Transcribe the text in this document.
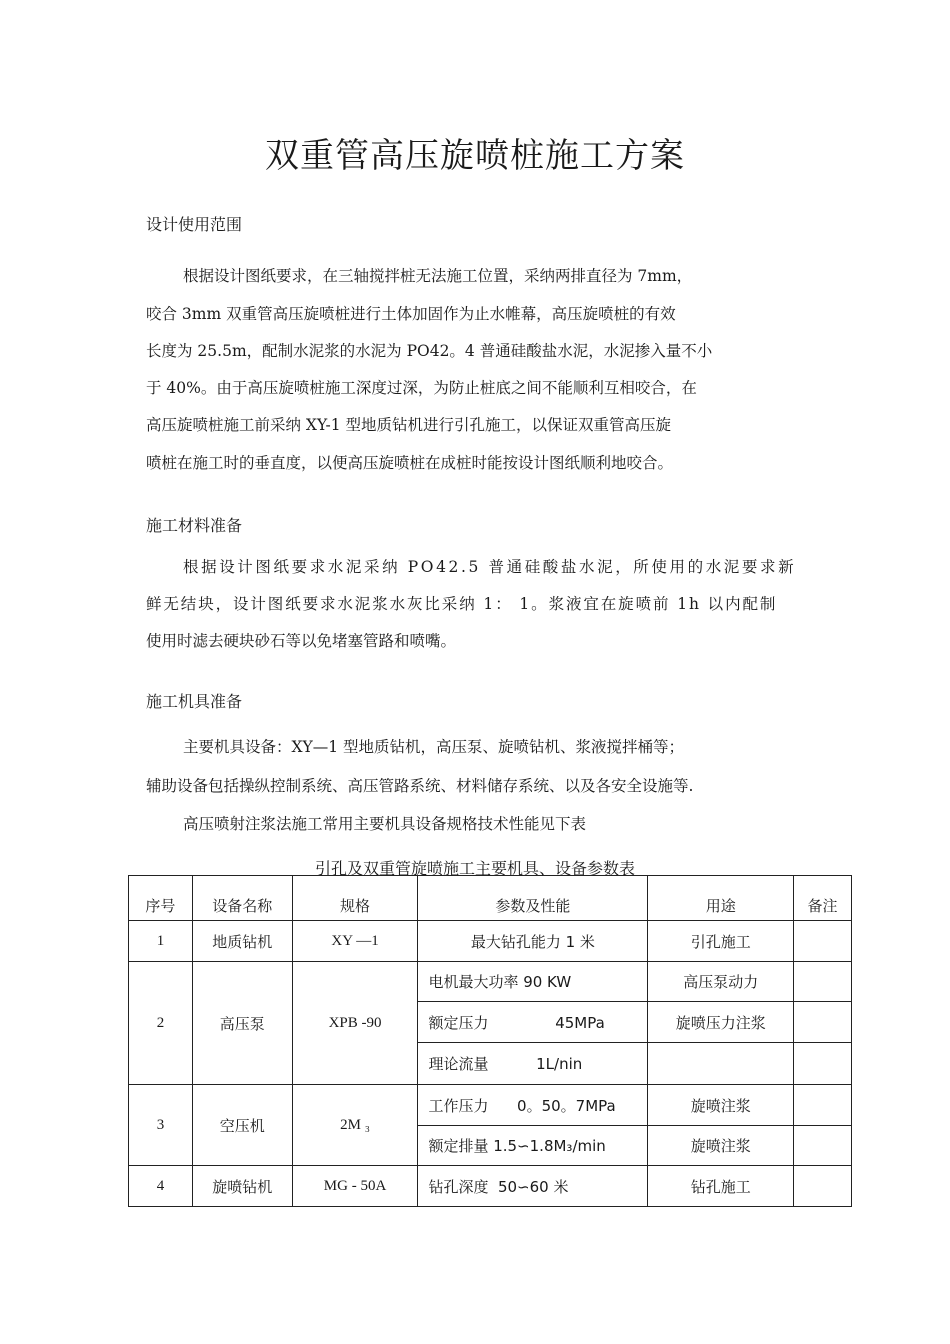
双重管高压旋喷桩施工方案
设计使用范围
根据设计图纸要求，在三轴搅拌桩无法施工位置，采纳两排直径为 7mm，
咬合 3mm 双重管高压旋喷桩进行土体加固作为止水帷幕，高压旋喷桩的有效
长度为 25.5m，配制水泥浆的水泥为 PO42。4 普通硅酸盐水泥，水泥掺入量不小
于 40%。由于高压旋喷桩施工深度过深，为防止桩底之间不能顺利互相咬合，在
高压旋喷桩施工前采纳 XY-1 型地质钻机进行引孔施工，以保证双重管高压旋
喷桩在施工时的垂直度，以便高压旋喷桩在成桩时能按设计图纸顺利地咬合。
施工材料准备
根据设计图纸要求水泥采纳 PO42.5 普通硅酸盐水泥，所使用的水泥要求新
鲜无结块，设计图纸要求水泥浆水灰比采纳 1： 1。浆液宜在旋喷前 1h 以内配制
使用时滤去硬块砂石等以免堵塞管路和喷嘴。
施工机具准备
主要机具设备：XY—1 型地质钻机，高压泵、旋喷钻机、浆液搅拌桶等；
辅助设备包括操纵控制系统、高压管路系统、材料储存系统、以及各安全设施等.
高压喷射注浆法施工常用主要机具设备规格技术性能见下表
引孔及双重管旋喷施工主要机具、设备参数表
序号	设备名称	规格	参数及性能	用途	备注
1	地质钻机	XY —1	最大钻孔能力 1 米	引孔施工	
2	高压泵	XPB -90	电机最大功率 90 KW	高压泵动力	
			额定压力              45MPa	旋喷压力注浆	
			理论流量          1L/nin		
3	空压机	2M ₃	工作压力      0。50。7MPa	旋喷注浆	
			额定排量 1.5∽1.8M₃/min	旋喷注浆	
4	旋喷钻机	MG - 50A	钻孔深度  50∽60 米	钻孔施工	
